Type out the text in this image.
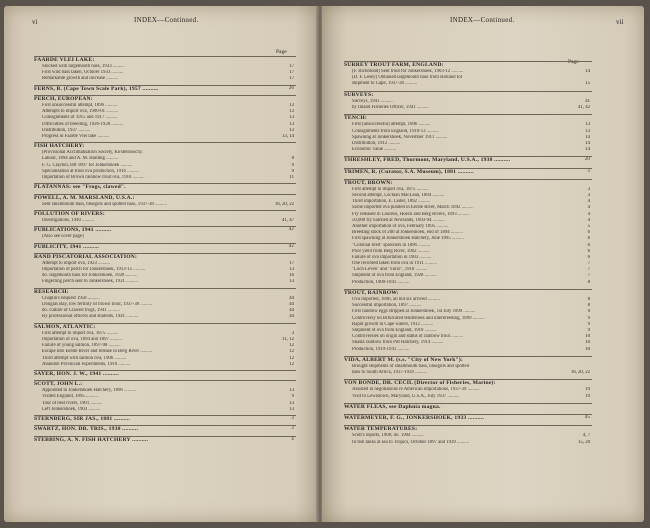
INDEX—Continued.
vi
Page
FAARDE VLEI LAKE:
Stocked with largemouth bass, 1933 ..........	17
First wild bass taken, October 1933 ..........	17
Remarkable growth and increase ..........	17
FERNS, B. (Cape Town Scale Park), 1957 ..........	26
PERCH, EUROPEAN:
First unsuccessful attempt, 1896 ..........	13
Attempts to import ova, 1900-01 ..........	13
Consignments of 1915 and 1917 ..........	13
Difficulties of breeding, 1926-1928 ..........	13
Distribution, 1937 ..........	13
Progress in Faarde Vlei lake ..........	13, 14
FISH HATCHERY:
(Provisional Acclimatisation Society, Kirstenbosch):
Labour, 1894 and A. M. Harding ..........	8
F. G. Clayton, left 1897 for Jonkershoek ..........	9
Specialisation at trout ova production, 1916 ..........	9
Importation of Brown rainbow trout ova, 1910 ..........	11
PLATANNAS: see "Frogs, clawed".
POWELL, A. M. MARSLAND, U.S.A.:
Sent smallmouth bass, bluegills and spotted bass, 1937-38 ..........	18, 20, 22
POLLUTION OF RIVERS:
Investigations, 1940 ..........	41, 47
PUBLICATIONS, 1941 ..........	42
(Also see cover page)
PUBLICITY, 1941 ..........	42
RAND PISCATORIAL ASSOCIATION:
Attempt to import ova, 1923 ..........	17
Importation of perch for Jonkershoek, 1913-15 ..........	13
do. largemouth bass for Jonkershoek, 1928 ..........	16
Fingerling perch sent to Jonkershoek, 1931 ..........	13
RESEARCH:
Chaplin's bequest 1958 ..........	44
Douglas Bay, low fertility of brown trout, 1937-38 ..........	44
do. culture of Clawed frogs, 1941 ..........	44
By professional officers and students, 1941 ..........	44
SALMON, ATLANTIC:
First attempt to import ova, 1875 ..........	3
Importation of ova, 1894 and 1897 ..........	11, 12
Failure of young salmon, 1897-98 ..........	12
Escape into Eerste River and release in Berg River ..........	12
Third attempt with salmon ova, 1906 ..........	12
Abandon Provincial experiments, 1910 ..........	12
SAYER, HON. J. W., 1941 ..........
SCOTT, JOHN L.:
Appointed to Jonkershoek Hatchery, 1896 ..........	13
Visited England, 1895 ..........	9
Tour of best rivers, 1901 ..........	13
Left Jonkershoek, 1903 ..........	13
STERNBERG, SIR JAS., 1881 ..........	3
SWARTZ, HON. DR. TRIS., 1930 ..........	3
STEBBING, A. N. FISH HATCHERY ..........	4
INDEX—Continued.	vii
Page
SURREY TROUT FARM, ENGLAND:
(F. Richmond) Sent trout for Jonkershoek, 1903-12 ..........	14
(D. F. Lesey) Obtained largemouth bass from Holland for
shipment to Cape, 1937-38 ..........	15
SURVEYS:
Surveys, 1941 ..........	41
by Inland Fisheries Officer, 1941 ..........	41, 42
TENCH:
First (unsuccessful) attempt, 1896 ..........	13
Consignments from England, 1910-13 ..........	13
Spawning at Jonkershoek, November 1911 ..........	14
Distribution, 1912 ..........	14
Economic value ..........	14
THRESHLEY, FRED, Thurmont, Maryland, U.S.A., 1938 ..........	20
TRIMEN, R. (Curator, S.A. Museum), 1881 ..........	3
TROUT, BROWN:
First attempt to import ova, 1875 ..........	3
Second attempt, Lochlan MacLean, 1884 ..........	3
Third importation, E. Lister, 1892 ..........	4
Some imported ova planted in Eerste River, March 1892 ..........	4
Fry released in Lourens, Hoeck and Berg Rivers, 1893 ..........	4
50,000 fry hatched at Newlands, 1893-94 ..........	4
Another importation of ova, February 1895 ..........	5
Breeding stock of 200 at Jonkershoek, end of 1894 ..........	6
First spawning at Jonkershoek Hatchery, June 1895 ..........	6
"Colonial bred" spawners in 1896 ..........	6
Poor yield from Berg River, 1902 ..........	6
Failure of ova importation in 1903 ..........	6
One recorded taken from ova in 1911 ..........	7
"Loch Leven" and "Fario", 1910 ..........	7
Shipment of ova from England, 1928 ..........	7
Production, 1900-1941 ..........	8
TROUT, RAINBOW:
Ova imported, 1896, all but six arrived ..........	8
Successful importation, 1897 ..........	8
First rainbow eggs stripped at Jonkershoek, 1st July 1899 ..........	9
Controversy on Bifurcated tenderness and interbreeding, 1899 ..........	9
Rapid growth in Cape waters, 1912 ..........	9
Shipment of ova from England, 1910 ..........	9
Controversies on origin and status of rainbow trout ..........	10
Shasta rainbow from Pitt Hatchery, 1914 ..........	10
Production, 1919-1941 ..........	10
VIDA, ALBERT M. (s.s. "City of New York"):
Brought shipments of smallmouth bass, bluegills and spotted
bass to South Africa, 1937-1939 ..........	18, 20, 22
VON BONDE, DR. CECIL (Director of Fisheries, Marine):
Assisted in negotiations re American importations, 1937-39 ..........	19
Visit to Lewistown, Maryland, U.S.A., July 1937 ..........	19
WATER FLEAS, see Daphnia magna.
WATERMEYER, F. G., JONKERSHOEK, 1933 ..........	45
WATER TEMPERATURES:
Scott's reports, 1906; do. 1904 ..........	4, 7
In fish tanks at sea to Tropics, October 1897 and 1939 ..........	15, 20
